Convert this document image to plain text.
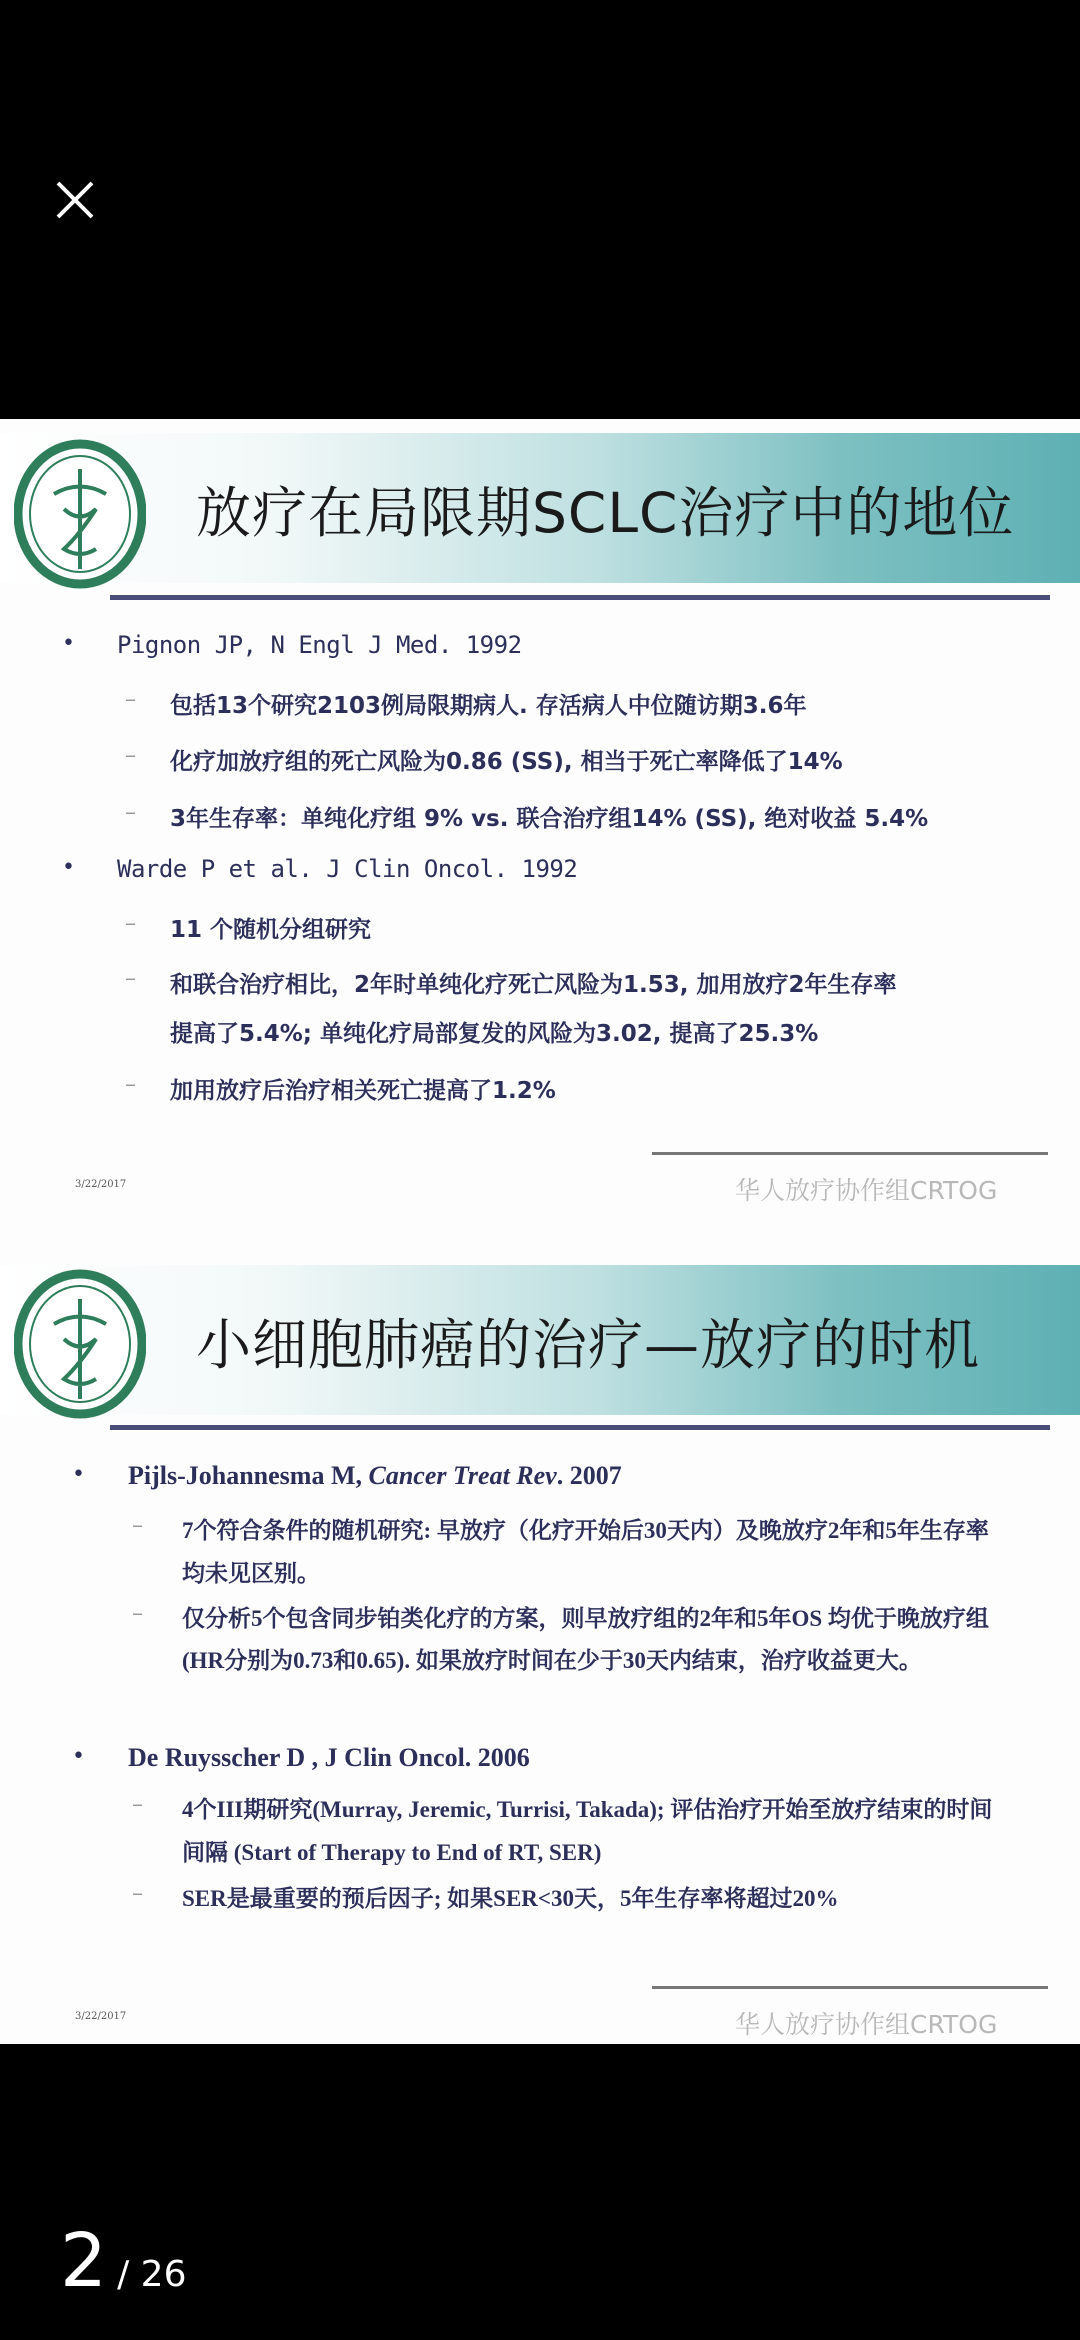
放疗在局限期SCLC治疗中的地位
• Pignon JP, N Engl J Med. 1992
– 包括13个研究2103例局限期病人. 存活病人中位随访期3.6年
– 化疗加放疗组的死亡风险为0.86 (SS), 相当于死亡率降低了14%
– 3年生存率：单纯化疗组 9% vs. 联合治疗组14% (SS), 绝对收益 5.4%
• Warde P et al. J Clin Oncol. 1992
– 11 个随机分组研究
– 和联合治疗相比，2年时单纯化疗死亡风险为1.53, 加用放疗2年生存率
提高了5.4%; 单纯化疗局部复发的风险为3.02, 提高了25.3%
– 加用放疗后治疗相关死亡提高了1.2%
3/22/2017	华人放疗协作组CRTOG
小细胞肺癌的治疗—放疗的时机
• Pijls-Johannesma M, Cancer Treat Rev. 2007
– 7个符合条件的随机研究: 早放疗（化疗开始后30天内）及晚放疗2年和5年生存率
均未见区别。
– 仅分析5个包含同步铂类化疗的方案，则早放疗组的2年和5年OS 均优于晚放疗组
(HR分别为0.73和0.65). 如果放疗时间在少于30天内结束，治疗收益更大。
• De Ruysscher D , J Clin Oncol. 2006
– 4个III期研究(Murray, Jeremic, Turrisi, Takada); 评估治疗开始至放疗结束的时间
间隔 (Start of Therapy to End of RT, SER)
– SER是最重要的预后因子; 如果SER<30天，5年生存率将超过20%
3/22/2017	华人放疗协作组CRTOG
2 / 26
